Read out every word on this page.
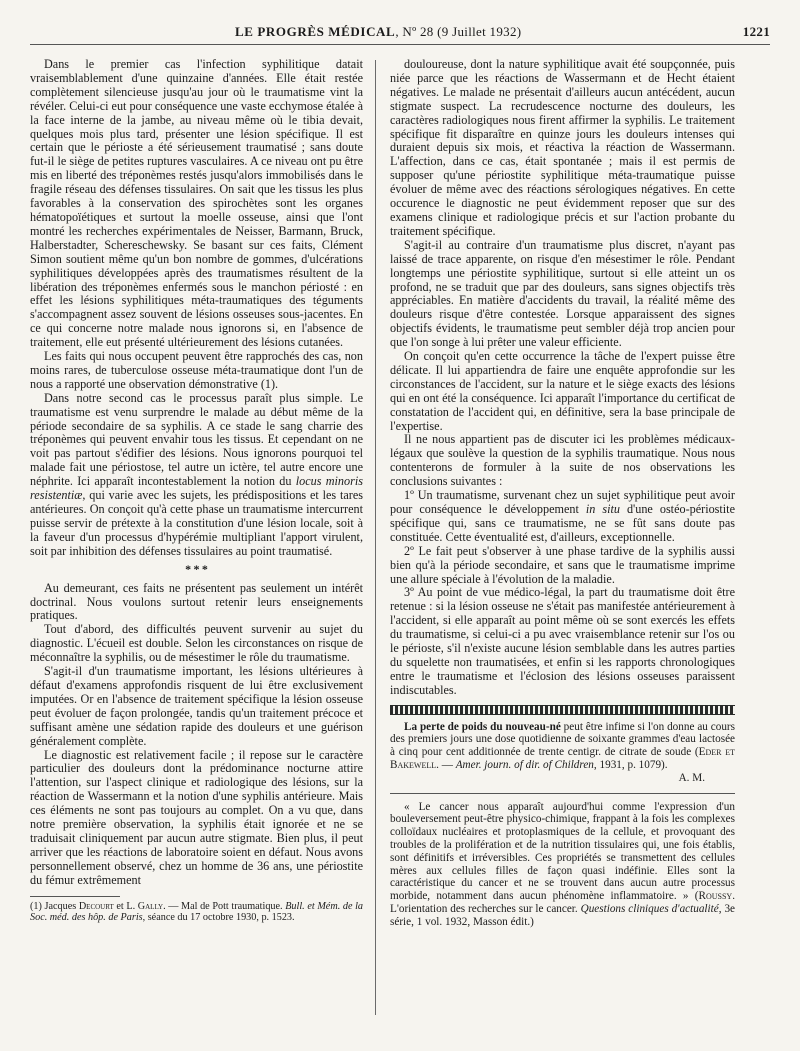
LE PROGRÈS MÉDICAL, Nº 28 (9 Juillet 1932)	1221

Dans le premier cas l'infection syphilitique datait vraisemblablement d'une quinzaine d'années. Elle était restée complètement silencieuse jusqu'au jour où le traumatisme vint la révéler. Celui-ci eut pour conséquence une vaste ecchymose étalée à la face interne de la jambe, au niveau même où le tibia devait, quelques mois plus tard, présenter une lésion spécifique. Il est certain que le périoste a été sérieusement traumatisé ; sans doute fut-il le siège de petites ruptures vasculaires. A ce niveau ont pu être mis en liberté des tréponèmes restés jusqu'alors immobilisés dans le fragile réseau des défenses tissulaires. On sait que les tissus les plus favorables à la conservation des spirochètes sont les organes hématopoïétiques et surtout la moelle osseuse, ainsi que l'ont montré les recherches expérimentales de Neisser, Barmann, Bruck, Halberstadter, Schereschewsky. Se basant sur ces faits, Clément Simon soutient même qu'un bon nombre de gommes, d'ulcérations syphilitiques développées après des traumatismes résultent de la libération des tréponèmes enfermés sous le manchon périosté : en effet les lésions syphilitiques méta-traumatiques des téguments s'accompagnent assez souvent de lésions osseuses sous-jacentes. En ce qui concerne notre malade nous ignorons si, en l'absence de traitement, elle eut présenté ultérieurement des lésions cutanées.

Les faits qui nous occupent peuvent être rapprochés des cas, non moins rares, de tuberculose osseuse méta-traumatique dont l'un de nous a rapporté une observation démonstrative (1).

Dans notre second cas le processus paraît plus simple. Le traumatisme est venu surprendre le malade au début même de la période secondaire de sa syphilis. A ce stade le sang charrie des tréponèmes qui peuvent envahir tous les tissus. Et cependant on ne voit pas partout s'édifier des lésions. Nous ignorons pourquoi tel malade fait une périostose, tel autre un ictère, tel autre encore une néphrite. Ici apparaît incontestablement la notion du locus minoris resistentiæ, qui varie avec les sujets, les prédispositions et les tares antérieures. On conçoit qu'à cette phase un traumatisme intercurrent puisse servir de prétexte à la constitution d'une lésion locale, soit à la faveur d'un processus d'hypérémie multipliant l'apport virulent, soit par inhibition des défenses tissulaires au point traumatisé.

* * *

Au demeurant, ces faits ne présentent pas seulement un intérêt doctrinal. Nous voulons surtout retenir leurs enseignements pratiques.

Tout d'abord, des difficultés peuvent survenir au sujet du diagnostic. L'écueil est double. Selon les circonstances on risque de méconnaître la syphilis, ou de mésestimer le rôle du traumatisme.

S'agit-il d'un traumatisme important, les lésions ultérieures à défaut d'examens approfondis risquent de lui être exclusivement imputées. Or en l'absence de traitement spécifique la lésion osseuse peut évoluer de façon prolongée, tandis qu'un traitement précoce et suffisant amène une sédation rapide des douleurs et une guérison généralement complète.

Le diagnostic est relativement facile ; il repose sur le caractère particulier des douleurs dont la prédominance nocturne attire l'attention, sur l'aspect clinique et radiologique des lésions, sur la réaction de Wassermann et la notion d'une syphilis antérieure. Mais ces éléments ne sont pas toujours au complet. On a vu que, dans notre première observation, la syphilis était ignorée et ne se traduisait cliniquement par aucun autre stigmate. Bien plus, il peut arriver que les réactions de laboratoire soient en défaut. Nous avons personnellement observé, chez un homme de 36 ans, une périostite du fémur extrêmement

(1) Jacques Decourt et L. Gally. — Mal de Pott traumatique. Bull. et Mém. de la Soc. méd. des hôp. de Paris, séance du 17 octobre 1930, p. 1523.

douloureuse, dont la nature syphilitique avait été soupçonnée, puis niée parce que les réactions de Wassermann et de Hecht étaient négatives. Le malade ne présentait d'ailleurs aucun antécédent, aucun stigmate suspect. La recrudescence nocturne des douleurs, les caractères radiologiques nous firent affirmer la syphilis. Le traitement spécifique fit disparaître en quinze jours les douleurs intenses qui duraient depuis six mois, et réactiva la réaction de Wassermann. L'affection, dans ce cas, était spontanée ; mais il est permis de supposer qu'une périostite syphilitique méta-traumatique puisse évoluer de même avec des réactions sérologiques négatives. En cette occurence le diagnostic ne peut évidemment reposer que sur des examens clinique et radiologique précis et sur l'action probante du traitement spécifique.

S'agit-il au contraire d'un traumatisme plus discret, n'ayant pas laissé de trace apparente, on risque d'en mésestimer le rôle. Pendant longtemps une périostite syphilitique, surtout si elle atteint un os profond, ne se traduit que par des douleurs, sans signes objectifs très appréciables. En matière d'accidents du travail, la réalité même des douleurs risque d'être contestée. Lorsque apparaissent des signes objectifs évidents, le traumatisme peut sembler déjà trop ancien pour que l'on songe à lui prêter une valeur efficiente.

On conçoit qu'en cette occurrence la tâche de l'expert puisse être délicate. Il lui appartiendra de faire une enquête approfondie sur les circonstances de l'accident, sur la nature et le siège exacts des lésions qui en ont été la conséquence. Ici apparaît l'importance du certificat de constatation de l'accident qui, en définitive, sera la base principale de l'expertise.

Il ne nous appartient pas de discuter ici les problèmes médicaux-légaux que soulève la question de la syphilis traumatique. Nous nous contenterons de formuler à la suite de nos observations les conclusions suivantes :

1º Un traumatisme, survenant chez un sujet syphilitique peut avoir pour conséquence le développement in situ d'une ostéo-périostite spécifique qui, sans ce traumatisme, ne se fût sans doute pas constituée. Cette éventualité est, d'ailleurs, exceptionnelle.

2º Le fait peut s'observer à une phase tardive de la syphilis aussi bien qu'à la période secondaire, et sans que le traumatisme imprime une allure spéciale à l'évolution de la maladie.

3º Au point de vue médico-légal, la part du traumatisme doit être retenue : si la lésion osseuse ne s'était pas manifestée antérieurement à l'accident, si elle apparaît au point même où se sont exercés les effets du traumatisme, si celui-ci a pu avec vraisemblance retenir sur l'os ou le périoste, s'il n'existe aucune lésion semblable dans les autres parties du squelette non traumatisées, et enfin si les rapports chronologiques entre le traumatisme et l'éclosion des lésions osseuses paraissent indiscutables.

La perte de poids du nouveau-né peut être infime si l'on donne au cours des premiers jours une dose quotidienne de soixante grammes d'eau lactosée à cinq pour cent additionnée de trente centigr. de citrate de soude (Eder et Bakewell. — Amer. journ. of dir. of Children, 1931, p. 1079).

A. M.

« Le cancer nous apparaît aujourd'hui comme l'expression d'un bouleversement peut-être physico-chimique, frappant à la fois les complexes colloïdaux nucléaires et protoplasmiques de la cellule, et provoquant des troubles de la prolifération et de la nutrition tissulaires qui, une fois établis, sont définitifs et irréversibles. Ces propriétés se transmettent des cellules mères aux cellules filles de façon quasi indéfinie. Elles sont la caractéristique du cancer et ne se trouvent dans aucun autre processus morbide, notamment dans aucun phénomène inflammatoire. » (Roussy. L'orientation des recherches sur le cancer. Questions cliniques d'actualité, 3e série, 1 vol. 1932, Masson édit.)
